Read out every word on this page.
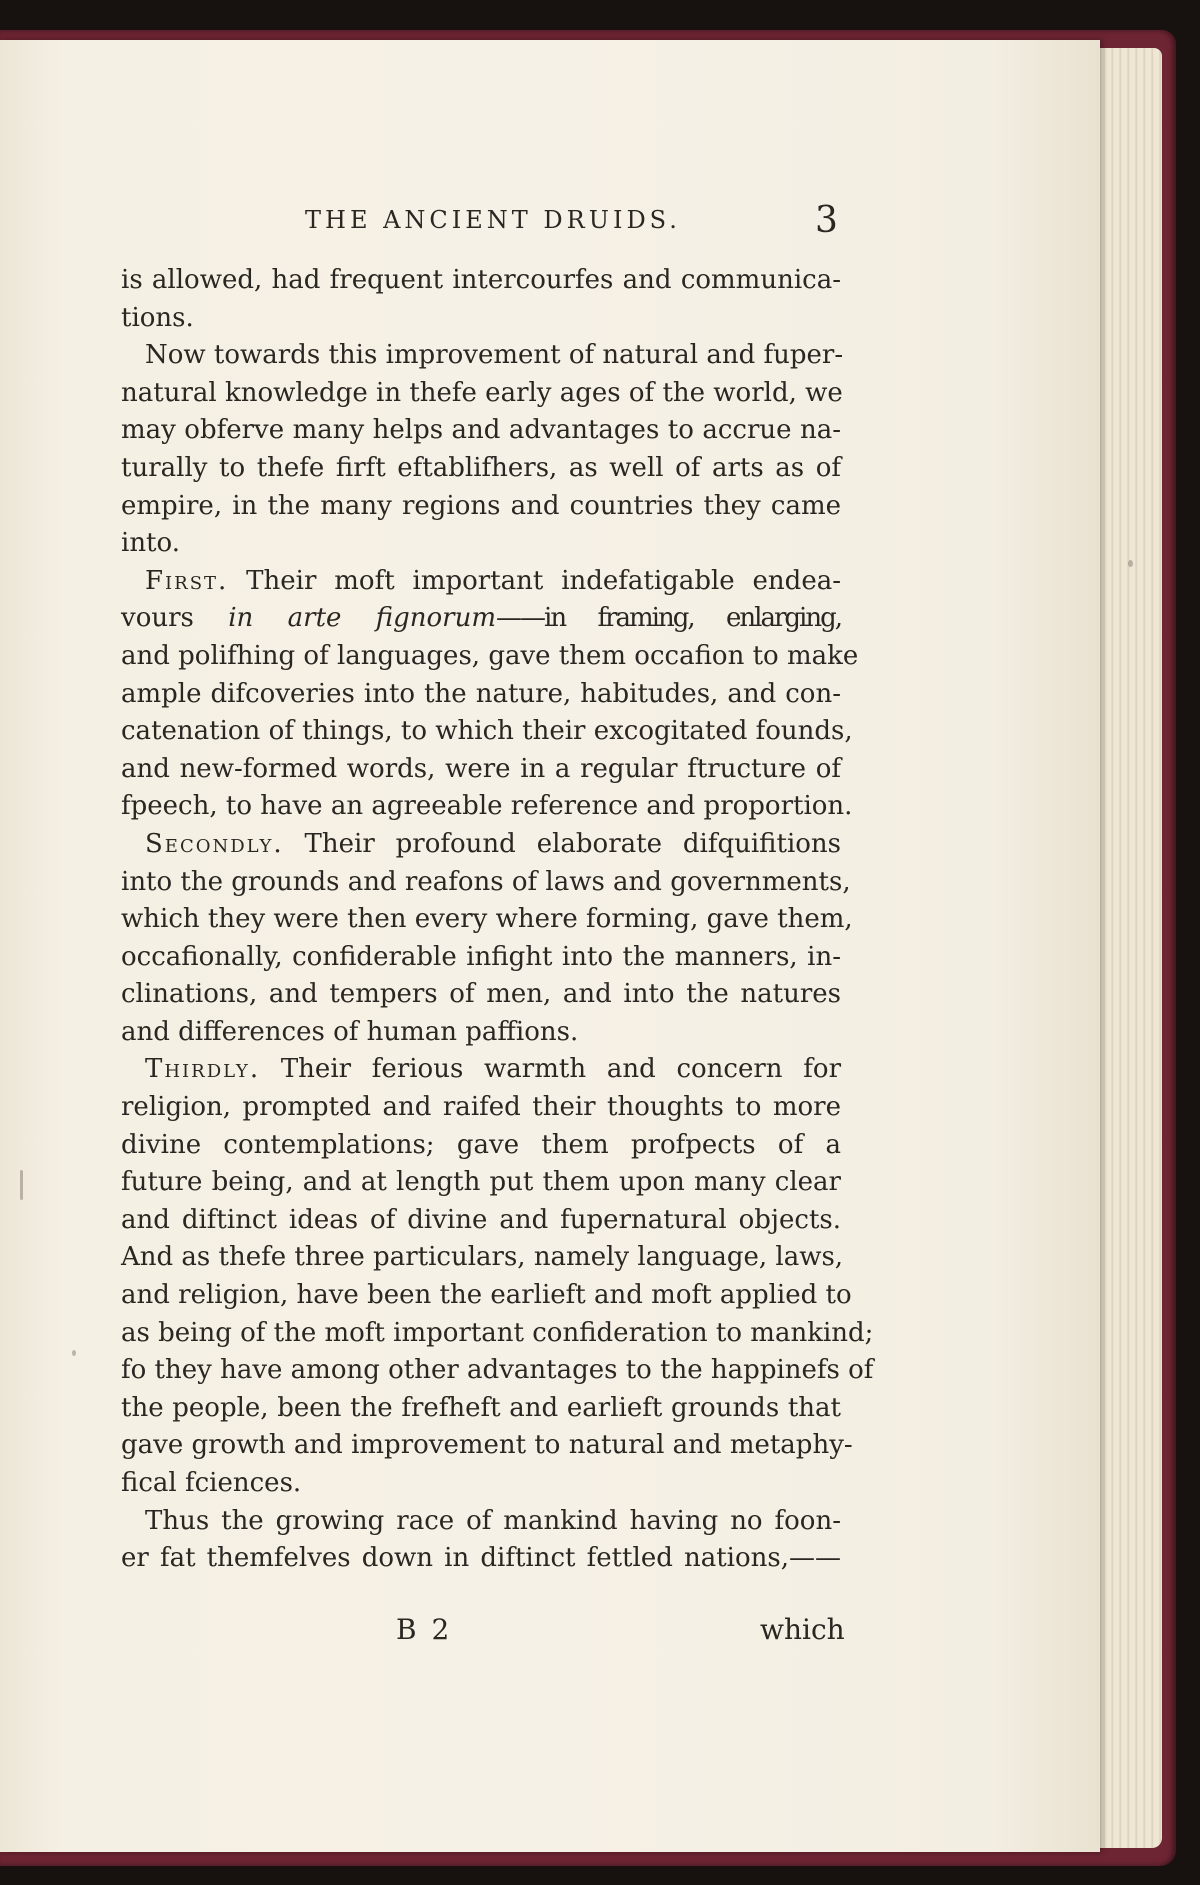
THE ANCIENT DRUIDS.	3
is allowed, had frequent intercourfes and communica-
tions.
Now towards this improvement of natural and fuper-
natural knowledge in thefe early ages of the world, we
may obferve many helps and advantages to accrue na-
turally to thefe firft eftablifhers, as well of arts as of
empire, in the many regions and countries they came
into.
First. Their moft important indefatigable endea-
vours in arte fignorum——in framing, enlarging,
and polifhing of languages, gave them occafion to make
ample difcoveries into the nature, habitudes, and con-
catenation of things, to which their excogitated founds,
and new-formed words, were in a regular ftructure of
fpeech, to have an agreeable reference and proportion.
Secondly. Their profound elaborate difquifitions
into the grounds and reafons of laws and governments,
which they were then every where forming, gave them,
occafionally, confiderable infight into the manners, in-
clinations, and tempers of men, and into the natures
and differences of human paffions.
Thirdly. Their ferious warmth and concern for
religion, prompted and raifed their thoughts to more
divine contemplations; gave them profpects of a
future being, and at length put them upon many clear
and diftinct ideas of divine and fupernatural objects.
And as thefe three particulars, namely language, laws,
and religion, have been the earlieft and moft applied to
as being of the moft important confideration to mankind;
fo they have among other advantages to the happinefs of
the people, been the frefheft and earlieft grounds that
gave growth and improvement to natural and metaphy-
fical fciences.
Thus the growing race of mankind having no foon-
er fat themfelves down in diftinct fettled nations,——
B 2	which
